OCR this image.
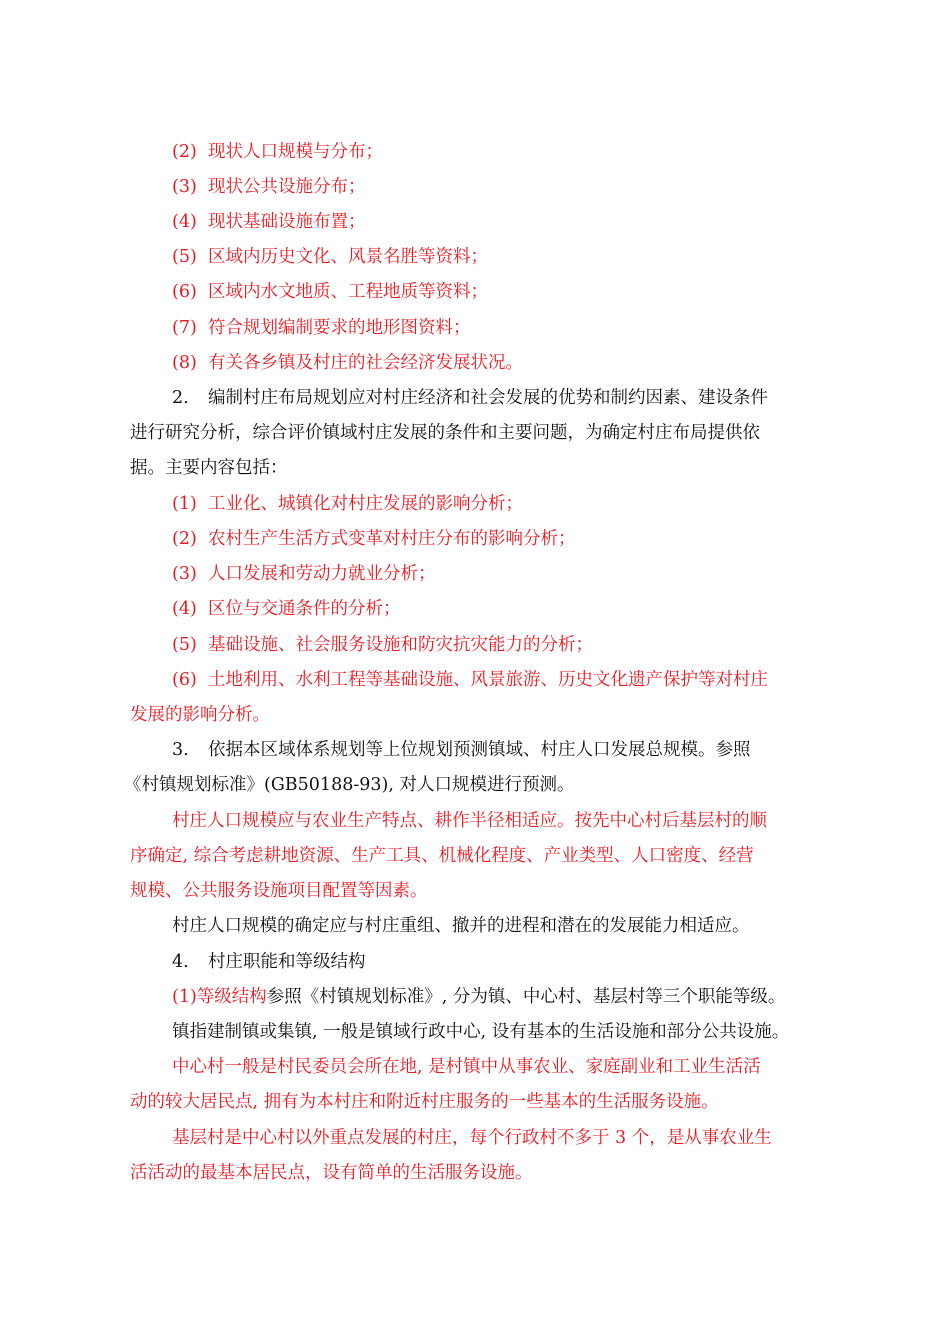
(2) 现状人口规模与分布；
(3) 现状公共设施分布；
(4) 现状基础设施布置；
(5) 区域内历史文化、风景名胜等资料；
(6) 区域内水文地质、工程地质等资料；
(7) 符合规划编制要求的地形图资料；
(8) 有关各乡镇及村庄的社会经济发展状况。
2. 编制村庄布局规划应对村庄经济和社会发展的优势和制约因素、建设条件
进行研究分析，综合评价镇域村庄发展的条件和主要问题，为确定村庄布局提供依
据。主要内容包括：
(1) 工业化、城镇化对村庄发展的影响分析；
(2) 农村生产生活方式变革对村庄分布的影响分析；
(3) 人口发展和劳动力就业分析；
(4) 区位与交通条件的分析；
(5) 基础设施、社会服务设施和防灾抗灾能力的分析；
(6) 土地利用、水利工程等基础设施、风景旅游、历史文化遗产保护等对村庄
发展的影响分析。
3. 依据本区域体系规划等上位规划预测镇域、村庄人口发展总规模。参照
《村镇规划标准》(GB50188-93), 对人口规模进行预测。
村庄人口规模应与农业生产特点、耕作半径相适应。按先中心村后基层村的顺
序确定, 综合考虑耕地资源、生产工具、机械化程度、产业类型、人口密度、经营
规模、公共服务设施项目配置等因素。
村庄人口规模的确定应与村庄重组、撤并的进程和潜在的发展能力相适应。
4. 村庄职能和等级结构
(1)等级结构参照《村镇规划标准》, 分为镇、中心村、基层村等三个职能等级。
镇指建制镇或集镇, 一般是镇域行政中心, 设有基本的生活设施和部分公共设施。
中心村一般是村民委员会所在地, 是村镇中从事农业、家庭副业和工业生活活
动的较大居民点, 拥有为本村庄和附近村庄服务的一些基本的生活服务设施。
基层村是中心村以外重点发展的村庄，每个行政村不多于 3 个，是从事农业生
活活动的最基本居民点，设有简单的生活服务设施。
